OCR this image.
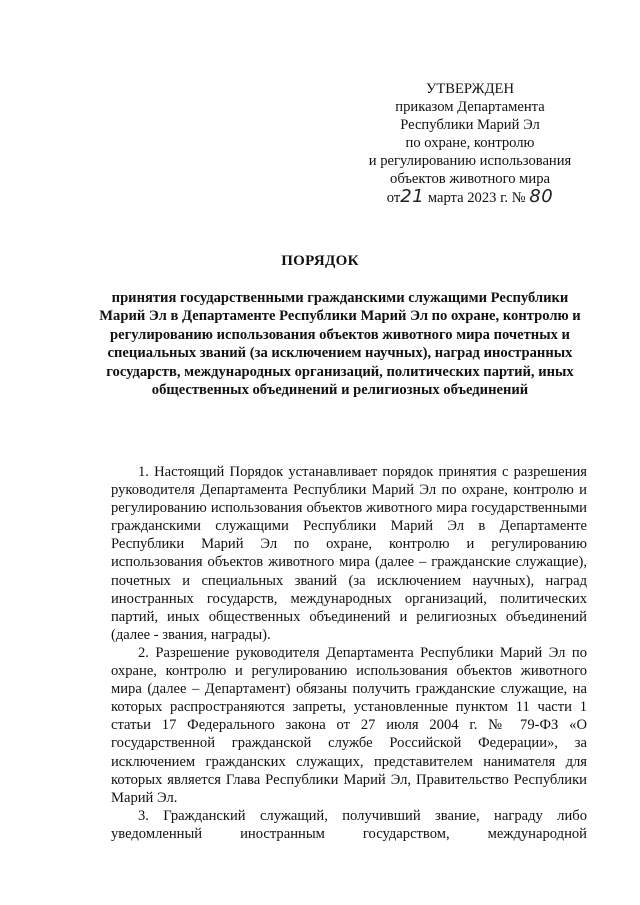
УТВЕРЖДЕН
приказом Департамента
Республики Марий Эл
по охране, контролю
и регулированию использования
объектов животного мира
от21 марта 2023 г. № 80
ПОРЯДОК
принятия государственными гражданскими служащими Республики Марий Эл в Департаменте Республики Марий Эл по охране, контролю и регулированию использования объектов животного мира почетных и специальных званий (за исключением научных), наград иностранных государств, международных организаций, политических партий, иных общественных объединений и религиозных объединений

1. Настоящий Порядок устанавливает порядок принятия с разрешения руководителя Департамента Республики Марий Эл по охране, контролю и регулированию использования объектов животного мира государственными гражданскими служащими Республики Марий Эл в Департаменте Республики Марий Эл по охране, контролю и регулированию использования объектов животного мира (далее – гражданские служащие), почетных и специальных званий (за исключением научных), наград иностранных государств, международных организаций, политических партий, иных общественных объединений и религиозных объединений (далее - звания, награды).

2. Разрешение руководителя Департамента Республики Марий Эл по охране, контролю и регулированию использования объектов животного мира (далее – Департамент) обязаны получить гражданские служащие, на которых распространяются запреты, установленные пунктом 11 части 1 статьи 17 Федерального закона от 27 июля 2004 г. № 79-ФЗ «О государственной гражданской службе Российской Федерации», за исключением гражданских служащих, представителем нанимателя для которых является Глава Республики Марий Эл, Правительство Республики Марий Эл.

3. Гражданский служащий, получивший звание, награду либо уведомленный иностранным государством, международной
